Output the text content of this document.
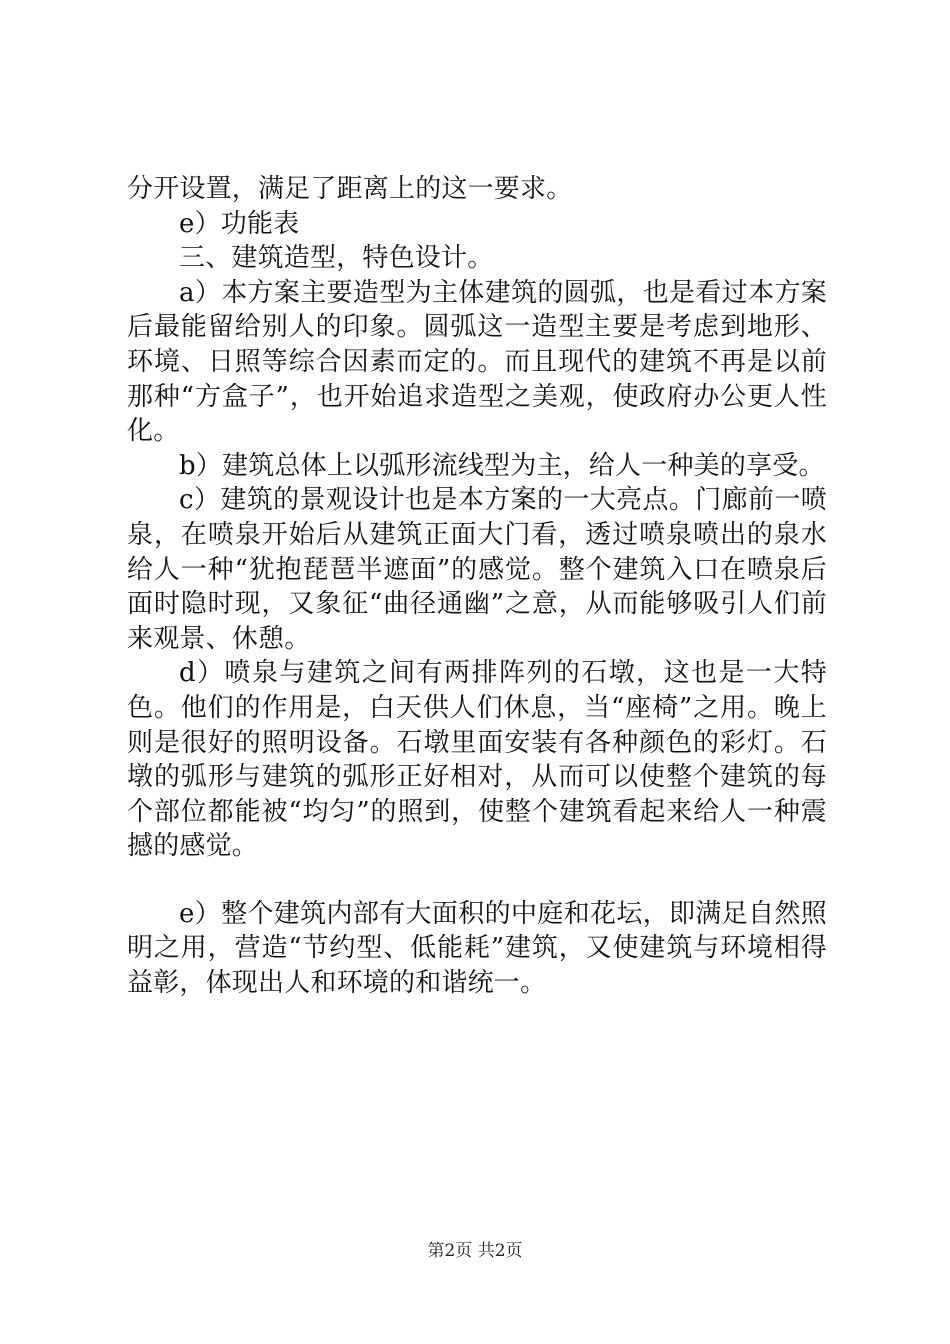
分开设置，满足了距离上的这一要求。

e）功能表

三、建筑造型，特色设计。

a）本方案主要造型为主体建筑的圆弧，也是看过本方案后最能留给别人的印象。圆弧这一造型主要是考虑到地形、环境、日照等综合因素而定的。而且现代的建筑不再是以前那种“方盒子”，也开始追求造型之美观，使政府办公更人性化。

b）建筑总体上以弧形流线型为主，给人一种美的享受。

c）建筑的景观设计也是本方案的一大亮点。门廊前一喷泉，在喷泉开始后从建筑正面大门看，透过喷泉喷出的泉水给人一种“犹抱琵琶半遮面”的感觉。整个建筑入口在喷泉后面时隐时现，又象征“曲径通幽”之意，从而能够吸引人们前来观景、休憩。

d）喷泉与建筑之间有两排阵列的石墩，这也是一大特色。他们的作用是，白天供人们休息，当“座椅”之用。晚上则是很好的照明设备。石墩里面安装有各种颜色的彩灯。石墩的弧形与建筑的弧形正好相对，从而可以使整个建筑的每个部位都能被“均匀”的照到，使整个建筑看起来给人一种震撼的感觉。

e）整个建筑内部有大面积的中庭和花坛，即满足自然照明之用，营造“节约型、低能耗”建筑，又使建筑与环境相得益彰，体现出人和环境的和谐统一。

第2页 共2页
